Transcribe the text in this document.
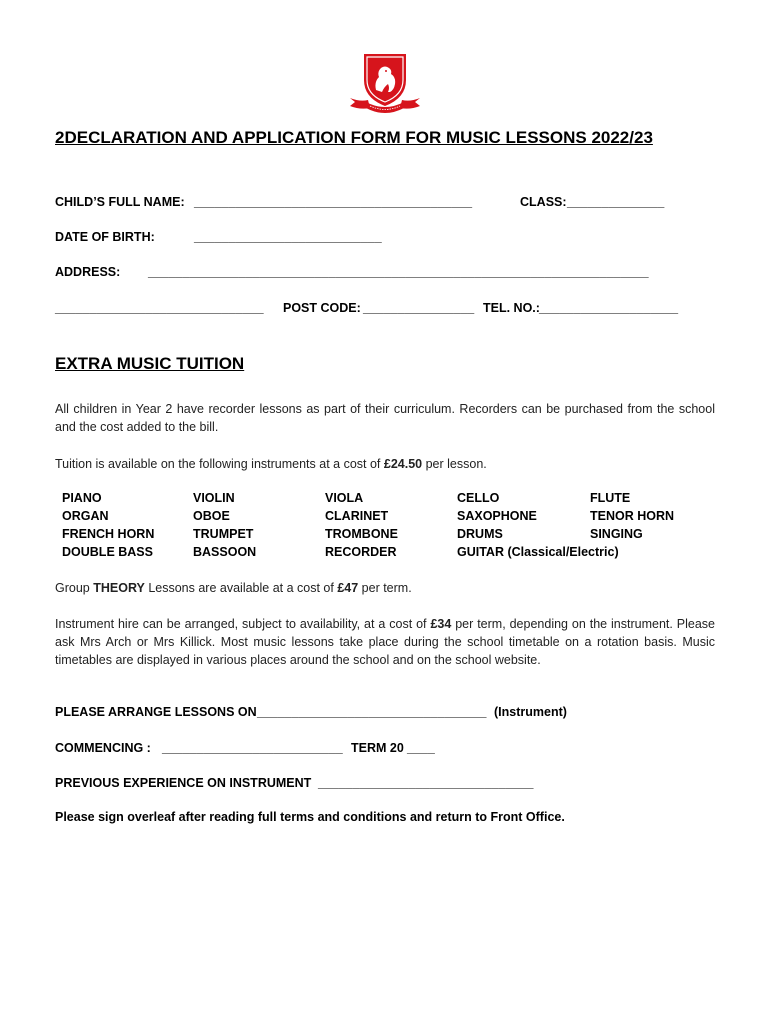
2DECLARATION AND APPLICATION FORM FOR MUSIC LESSONS 2022/23
CHILD’S FULL NAME: ________________________________________	CLASS: ______________
DATE OF BIRTH:	___________________________
ADDRESS: ________________________________________________________________________
______________________________ POST CODE: ________________ TEL. NO.: ____________________
EXTRA MUSIC TUITION

All children in Year 2 have recorder lessons as part of their curriculum. Recorders can be purchased from the school and the cost added to the bill.

Tuition is available on the following instruments at a cost of £24.50 per lesson.

PIANO
ORGAN
FRENCH HORN
DOUBLE BASS
VIOLIN
OBOE
TRUMPET
BASSOON
VIOLA
CLARINET
TROMBONE
RECORDER
CELLO
SAXOPHONE
DRUMS
GUITAR (Classical/Electric)
FLUTE
TENOR HORN
SINGING

Group THEORY Lessons are available at a cost of £47 per term.

Instrument hire can be arranged, subject to availability, at a cost of £34 per term, depending on the instrument. Please ask Mrs Arch or Mrs Killick. Most music lessons take place during the school timetable on a rotation basis. Music timetables are displayed in various places around the school and on the school website.

PLEASE ARRANGE LESSONS ON _________________________________ (Instrument)
COMMENCING : __________________________ TERM 20 ____
PREVIOUS EXPERIENCE ON INSTRUMENT _______________________________
Please sign overleaf after reading full terms and conditions and return to Front Office.
